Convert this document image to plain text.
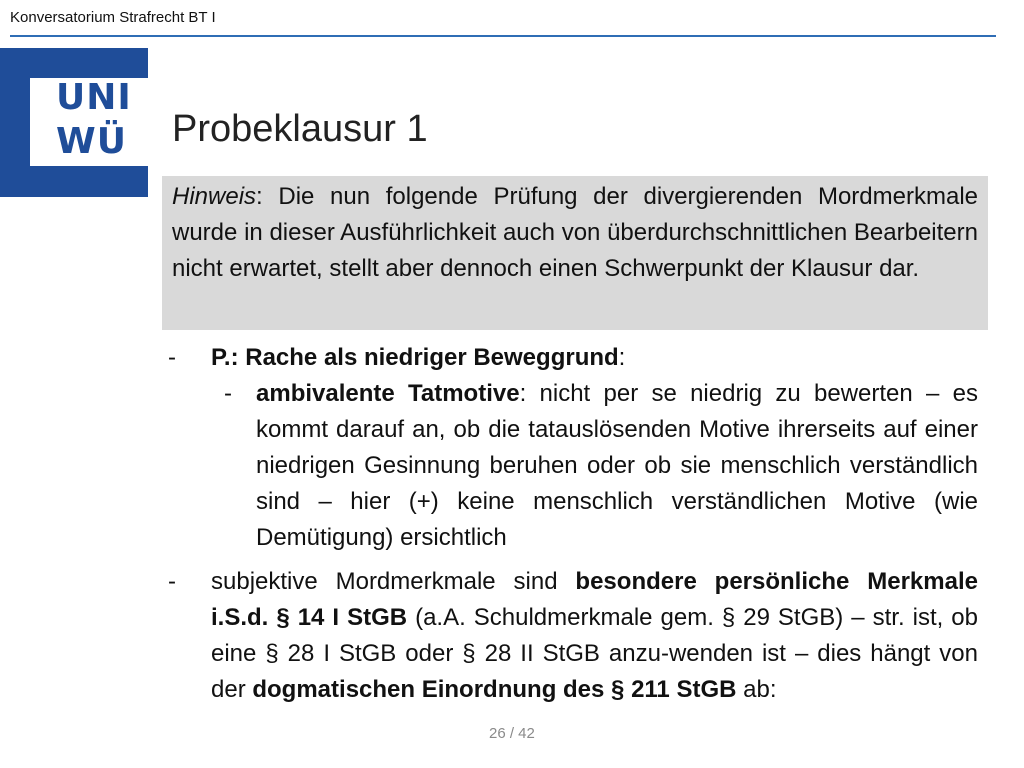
Konversatorium Strafrecht BT I
UNI
WÜ Probeklausur 1
Hinweis: Die nun folgende Prüfung der divergierenden Mordmerkmale wurde in dieser Ausführlichkeit auch von überdurchschnittlichen Bearbeitern nicht erwartet, stellt aber dennoch einen Schwerpunkt der Klausur dar.
- P.: Rache als niedriger Beweggrund:
- ambivalente Tatmotive: nicht per se niedrig zu bewerten – es kommt darauf an, ob die tatauslösenden Motive ihrerseits auf einer niedrigen Gesinnung beruhen oder ob sie menschlich verständlich sind – hier (+) keine menschlich verständlichen Motive (wie Demütigung) ersichtlich
- subjektive Mordmerkmale sind besondere persönliche Merkmale i.S.d. § 14 I StGB (a.A. Schuldmerkmale gem. § 29 StGB) – str. ist, ob eine § 28 I StGB oder § 28 II StGB anzu-wenden ist – dies hängt von der dogmatischen Einordnung des § 211 StGB ab:
26 / 42
